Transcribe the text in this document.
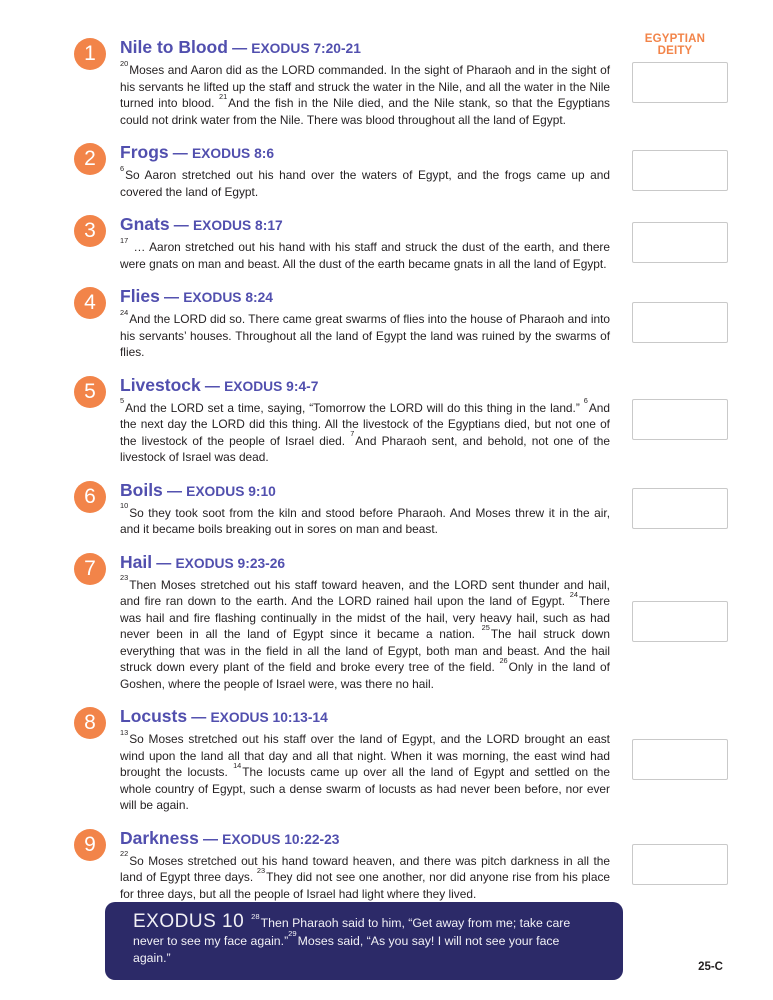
EGYPTIAN
DEITY
1 Nile to Blood — EXODUS 7:20-21

$^{20}$Moses and Aaron did as the LORD commanded. In the sight of Pharaoh and in the sight of his servants he lifted up the staff and struck the water in the Nile, and all the water in the Nile turned into blood. $^{21}$And the fish in the Nile died, and the Nile stank, so that the Egyptians could not drink water from the Nile. There was blood throughout all the land of Egypt.

2 Frogs — EXODUS 8:6

$^6$So Aaron stretched out his hand over the waters of Egypt, and the frogs came up and covered the land of Egypt.

3 Gnats — EXODUS 8:17

$^{17}$ … Aaron stretched out his hand with his staff and struck the dust of the earth, and there were gnats on man and beast. All the dust of the earth became gnats in all the land of Egypt.

4 Flies — EXODUS 8:24

$^{24}$And the LORD did so. There came great swarms of flies into the house of Pharaoh and into his servants’ houses. Throughout all the land of Egypt the land was ruined by the swarms of flies.

5 Livestock — EXODUS 9:4-7

$^5$And the LORD set a time, saying, “Tomorrow the LORD will do this thing in the land.” $^6$And the next day the LORD did this thing. All the livestock of the Egyptians died, but not one of the livestock of the people of Israel died. $^7$And Pharaoh sent, and behold, not one of the livestock of Israel was dead.

6 Boils — EXODUS 9:10

$^{10}$So they took soot from the kiln and stood before Pharaoh. And Moses threw it in the air, and it became boils breaking out in sores on man and beast.

7 Hail — EXODUS 9:23-26

$^{23}$Then Moses stretched out his staff toward heaven, and the LORD sent thunder and hail, and fire ran down to the earth. And the LORD rained hail upon the land of Egypt. $^{24}$There was hail and fire flashing continually in the midst of the hail, very heavy hail, such as had never been in all the land of Egypt since it became a nation. $^{25}$The hail struck down everything that was in the field in all the land of Egypt, both man and beast. And the hail struck down every plant of the field and broke every tree of the field. $^{26}$Only in the land of Goshen, where the people of Israel were, was there no hail.

8 Locusts — EXODUS 10:13-14

$^{13}$So Moses stretched out his staff over the land of Egypt, and the LORD brought an east wind upon the land all that day and all that night. When it was morning, the east wind had brought the locusts. $^{14}$The locusts came up over all the land of Egypt and settled on the whole country of Egypt, such a dense swarm of locusts as had never been before, nor ever will be again.

9 Darkness — EXODUS 10:22-23

$^{22}$So Moses stretched out his hand toward heaven, and there was pitch darkness in all the land of Egypt three days. $^{23}$They did not see one another, nor did anyone rise from his place for three days, but all the people of Israel had light where they lived.

EXODUS 10 $^{28}$Then Pharaoh said to him, “Get away from me; take care never to see my face again.”$^{29}$Moses said, “As you say! I will not see your face again.”

25-C
